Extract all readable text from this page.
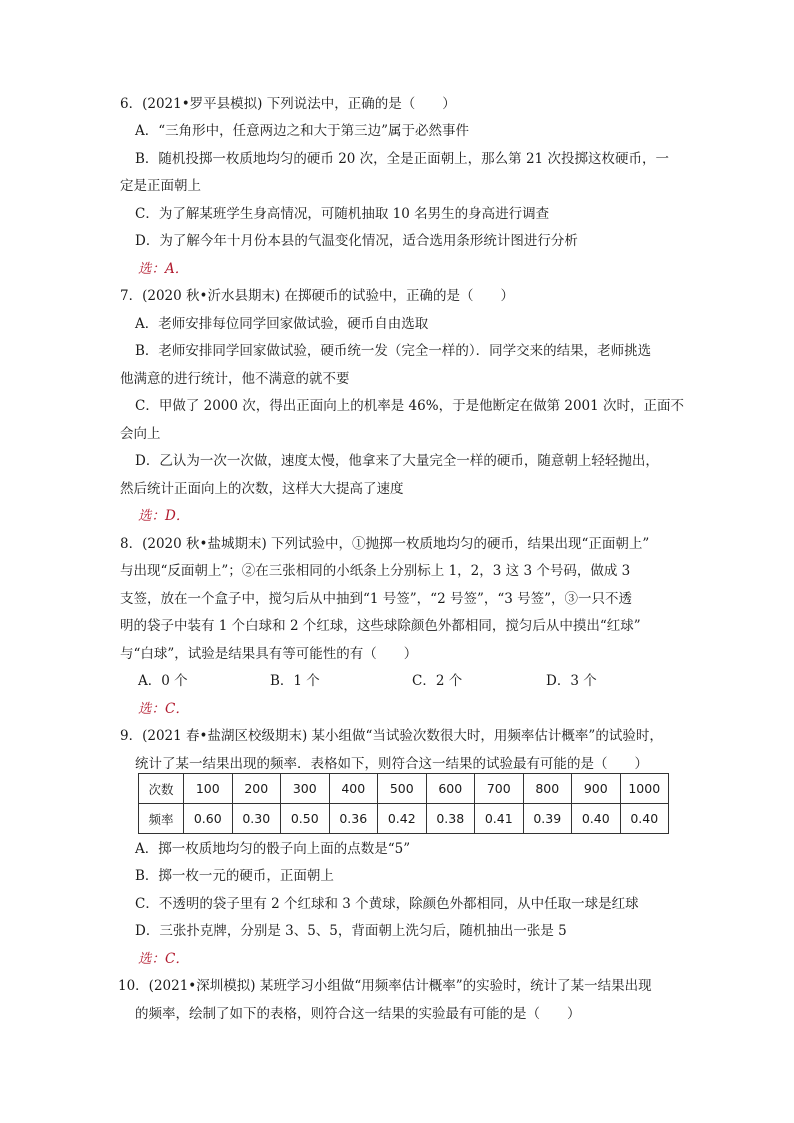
6．(2021•罗平县模拟) 下列说法中，正确的是（　　）
A．“三角形中，任意两边之和大于第三边”属于必然事件
B．随机投掷一枚质地均匀的硬币 20 次，全是正面朝上，那么第 21 次投掷这枚硬币，一
定是正面朝上
C．为了解某班学生身高情况，可随机抽取 10 名男生的身高进行调查
D．为了解今年十月份本县的气温变化情况，适合选用条形统计图进行分析
选：A．
7．(2020 秋•沂水县期末) 在掷硬币的试验中，正确的是（　　）
A．老师安排每位同学回家做试验，硬币自由选取
B．老师安排同学回家做试验，硬币统一发（完全一样的）．同学交来的结果，老师挑选
他满意的进行统计，他不满意的就不要
C．甲做了 2000 次，得出正面向上的机率是 46%，于是他断定在做第 2001 次时，正面不
会向上
D．乙认为一次一次做，速度太慢，他拿来了大量完全一样的硬币，随意朝上轻轻抛出，
然后统计正面向上的次数，这样大大提高了速度
选：D．
8．(2020 秋•盐城期末) 下列试验中，①抛掷一枚质地均匀的硬币，结果出现“正面朝上”
与出现“反面朝上”；②在三张相同的小纸条上分别标上 1，2，3 这 3 个号码，做成 3
支签，放在一个盒子中，搅匀后从中抽到“1 号签”，“2 号签”，“3 号签”，③一只不透
明的袋子中装有 1 个白球和 2 个红球，这些球除颜色外都相同，搅匀后从中摸出“红球”
与“白球”，试验是结果具有等可能性的有（　　）
A．0 个	B．1 个	C．2 个	D．3 个
选：C．
9．(2021 春•盐湖区校级期末) 某小组做“当试验次数很大时，用频率估计概率”的试验时，
统计了某一结果出现的频率．表格如下，则符合这一结果的试验最有可能的是（　　）
次数	100	200	300	400	500	600	700	800	900	1000
频率	0.60	0.30	0.50	0.36	0.42	0.38	0.41	0.39	0.40	0.40
A．掷一枚质地均匀的骰子向上面的点数是“5”
B．掷一枚一元的硬币，正面朝上
C．不透明的袋子里有 2 个红球和 3 个黄球，除颜色外都相同，从中任取一球是红球
D．三张扑克牌，分别是 3、5、5，背面朝上洗匀后，随机抽出一张是 5
选：C．
10．(2021•深圳模拟) 某班学习小组做“用频率估计概率”的实验时，统计了某一结果出现
的频率，绘制了如下的表格，则符合这一结果的实验最有可能的是（　　）
